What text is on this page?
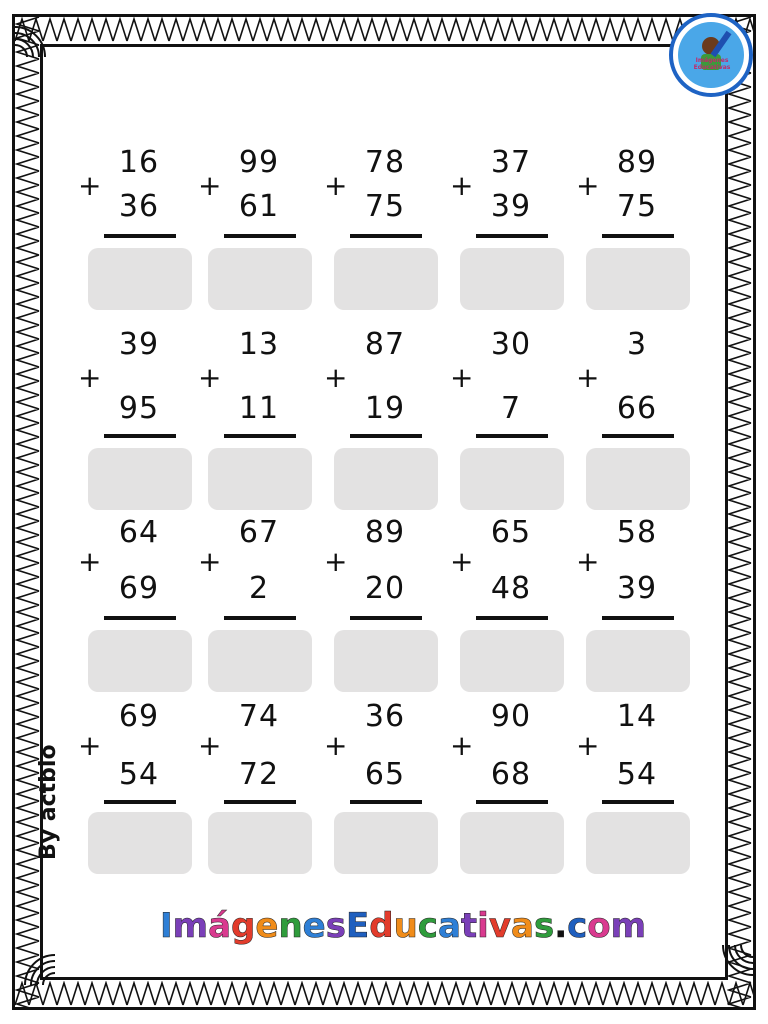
Imágenes Educativas
+
16
36
+
99
61
+
78
75
+
37
39
+
89
75
+
39
95
+
13
11
+
87
19
+
30
7
+
3
66
+
64
69
+
67
2
+
89
20
+
65
48
+
58
39
+
69
54
+
74
72
+
36
65
+
90
68
+
14
54
By actbio
ImágenesEducativas.com
